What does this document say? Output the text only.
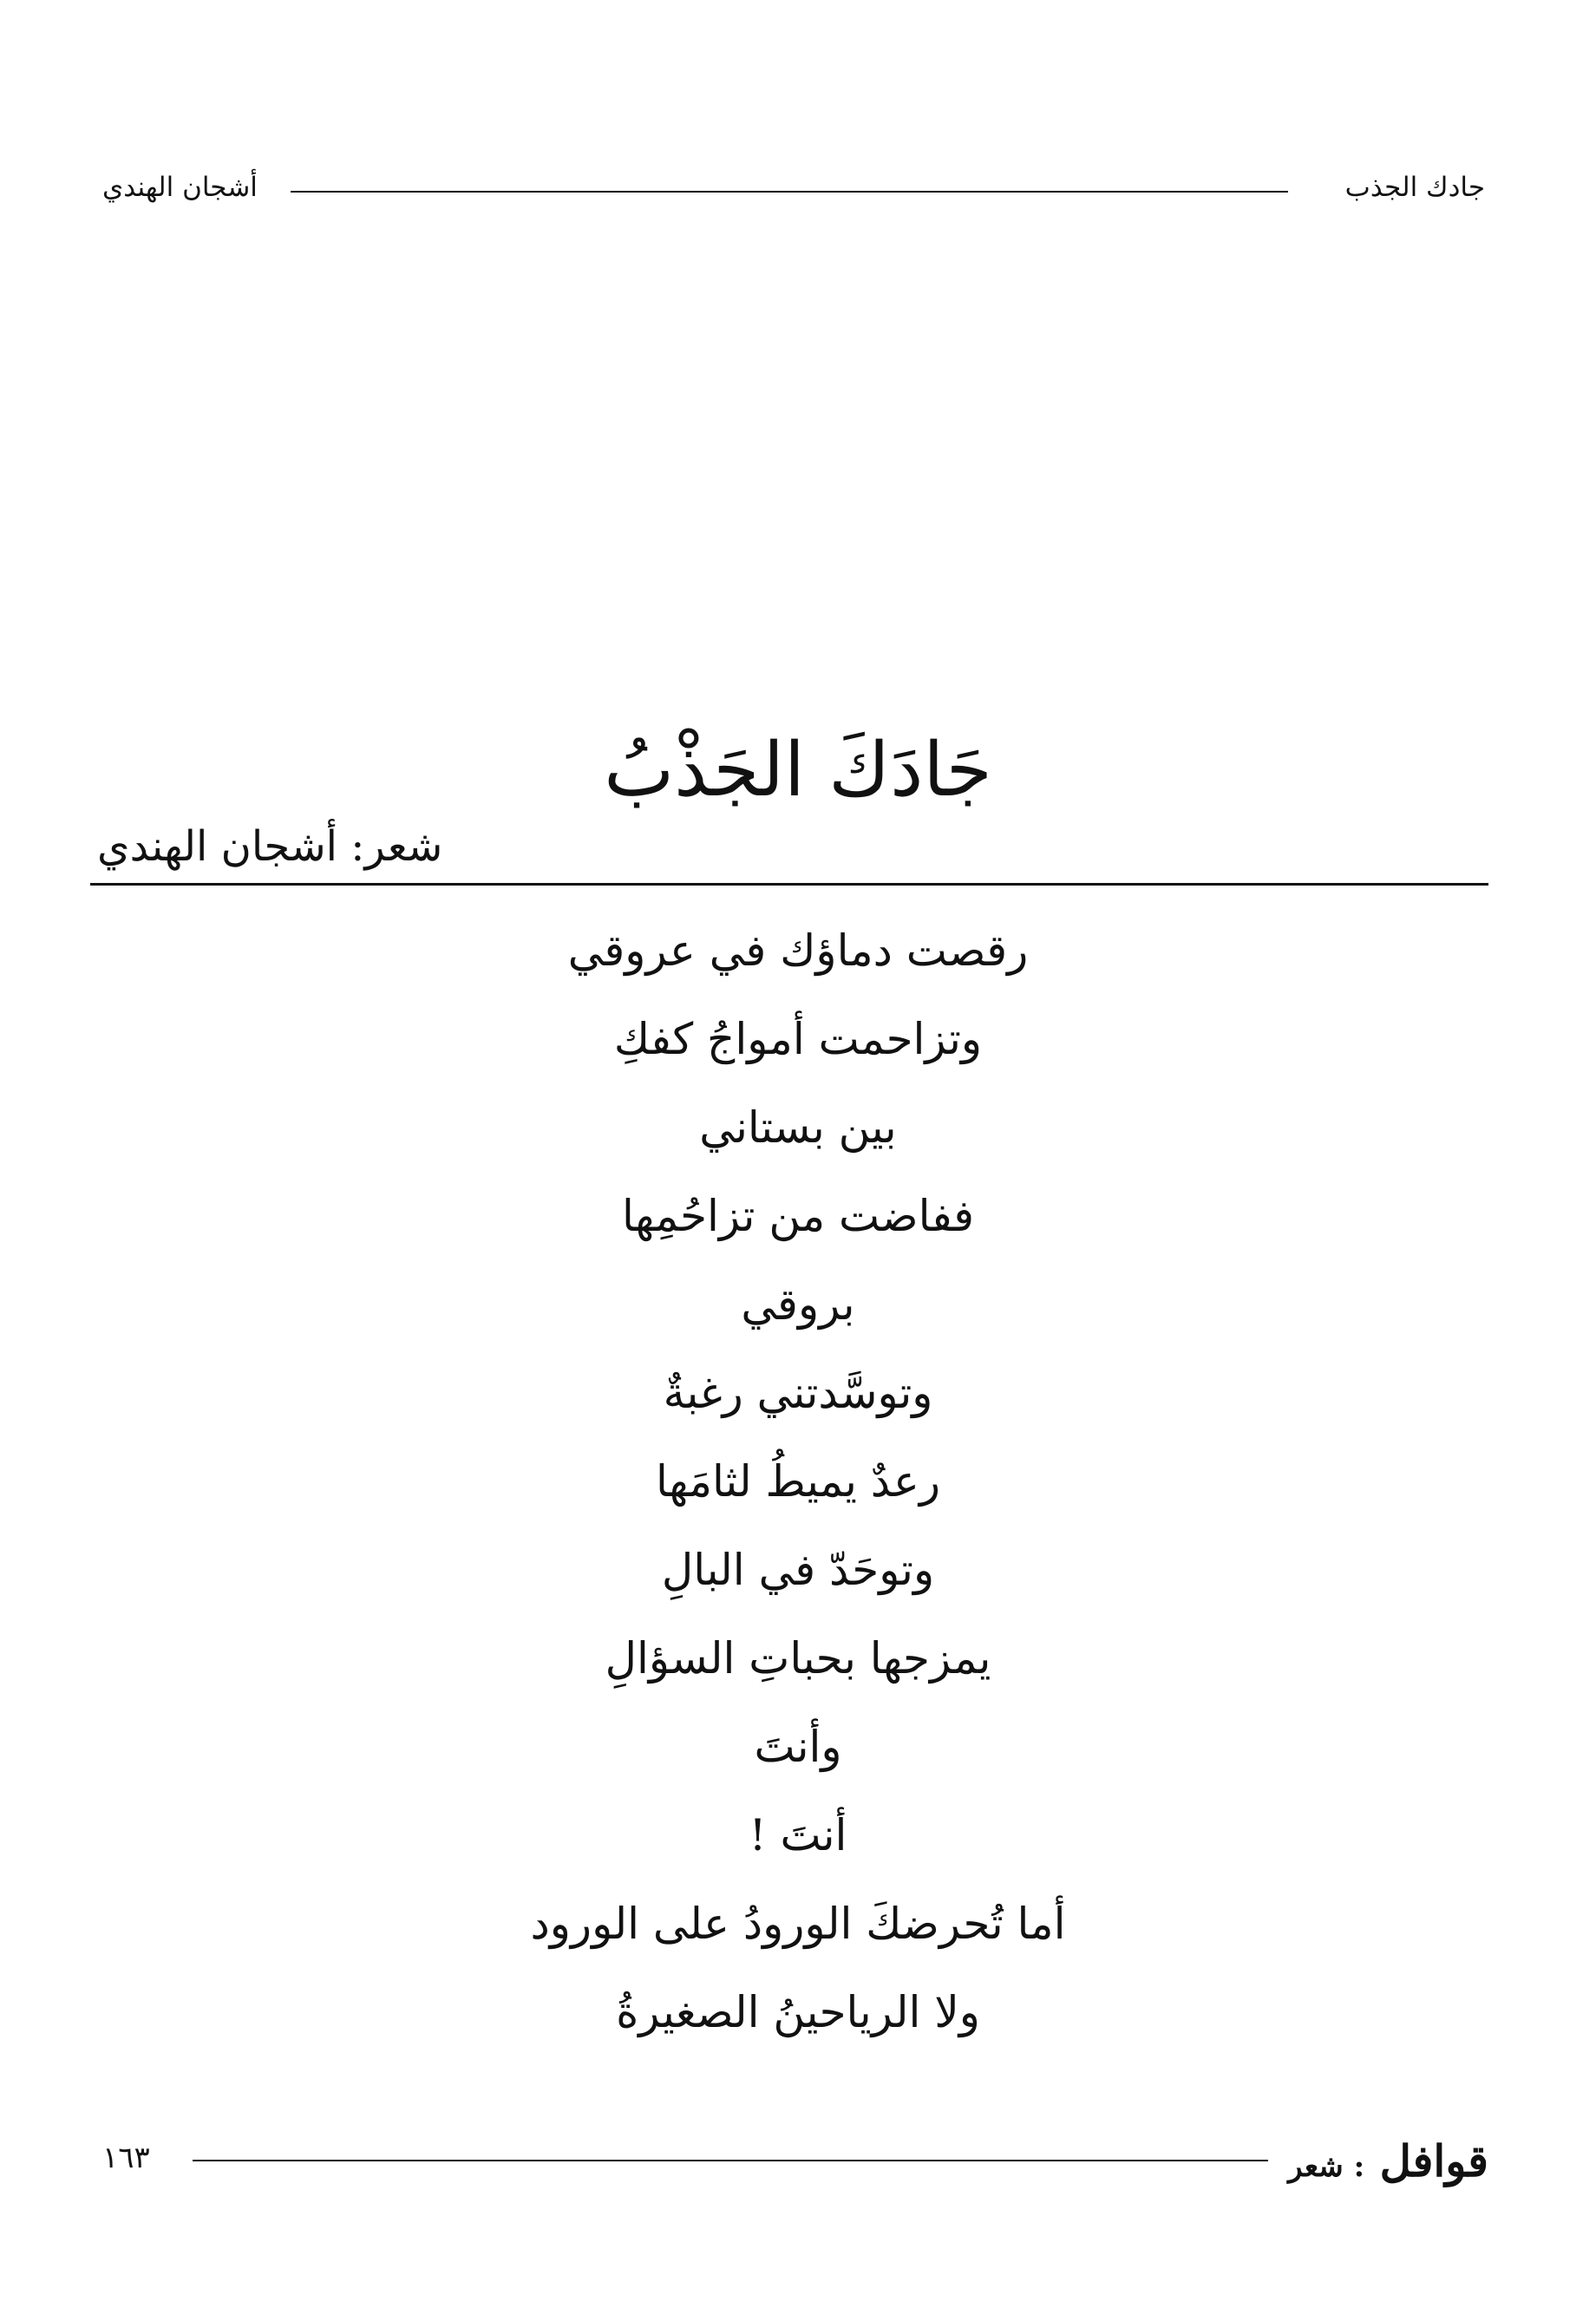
جادك الجذب
أشجان الهندي
جَادَكَ الجَذْبُ
شعر: أشجان الهندي
رقصت دماؤك في عروقي
وتزاحمت أمواجُ كفكِ
بين بستاني
ففاضت من تزاحُمِها
بروقي
وتوسَّدتني رغبةٌ
رعدٌ يميطُ لثامَها
وتوحَدّ في البالِ
يمزجها بحباتِ السؤالِ
وأنتَ
أنتَ !
أما تُحرضكَ الورودُ على الورود
ولا الرياحينُ الصغيرةُ
قوافل : شعر
١٦٣
